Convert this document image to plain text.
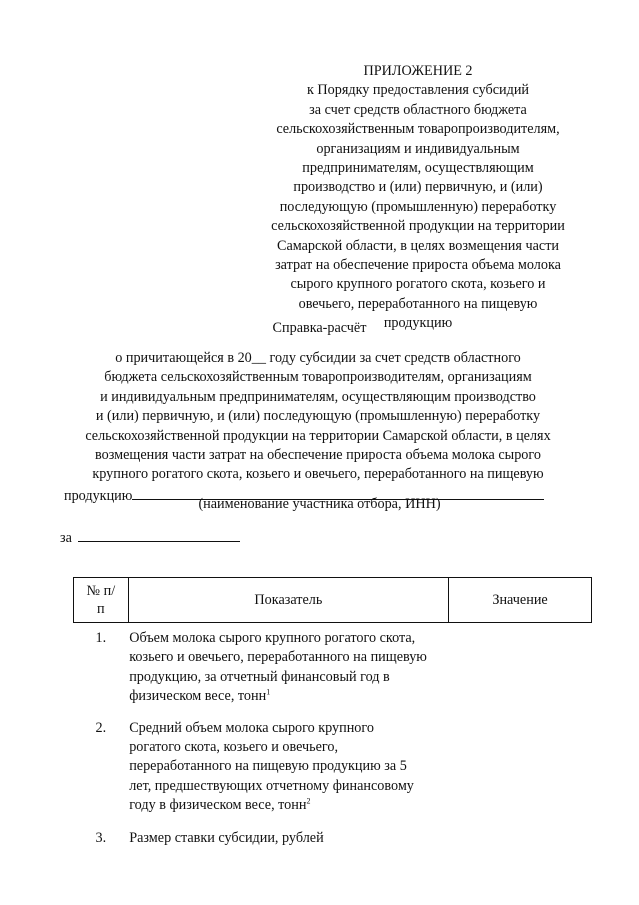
ПРИЛОЖЕНИЕ 2
к Порядку предоставления субсидий
за счет средств областного бюджета
сельскохозяйственным товаропроизводителям,
организациям и индивидуальным
предпринимателям, осуществляющим
производство и (или) первичную, и (или)
последующую (промышленную) переработку
сельскохозяйственной продукции на территории
Самарской области, в целях возмещения части
затрат на обеспечение прироста объема молока
сырого крупного рогатого скота, козьего и
овечьего, переработанного на пищевую
продукцию
Справка-расчёт
о причитающейся в 20__ году субсидии за счет средств областного
бюджета сельскохозяйственным товаропроизводителям, организациям
и индивидуальным предпринимателям, осуществляющим производство
и (или) первичную, и (или) последующую (промышленную) переработку
сельскохозяйственной продукции на территории Самарской области, в целях
возмещения части затрат на обеспечение прироста объема молока сырого
крупного рогатого скота, козьего и овечьего, переработанного на пищевую
продукцию
(наименование участника отбора, ИНН)
за
№ п/п	Показатель	Значение
1.	Объем молока сырого крупного рогатого скота,
козьего и овечьего, переработанного на пищевую
продукцию, за отчетный финансовый год в
физическом весе, тонн$^1$

2.	Средний объем молока сырого крупного
рогатого скота, козьего и овечьего,
переработанного на пищевую продукцию за 5
лет, предшествующих отчетному финансовому
году в физическом весе, тонн$^2$

3.	Размер ставки субсидии, рублей	
